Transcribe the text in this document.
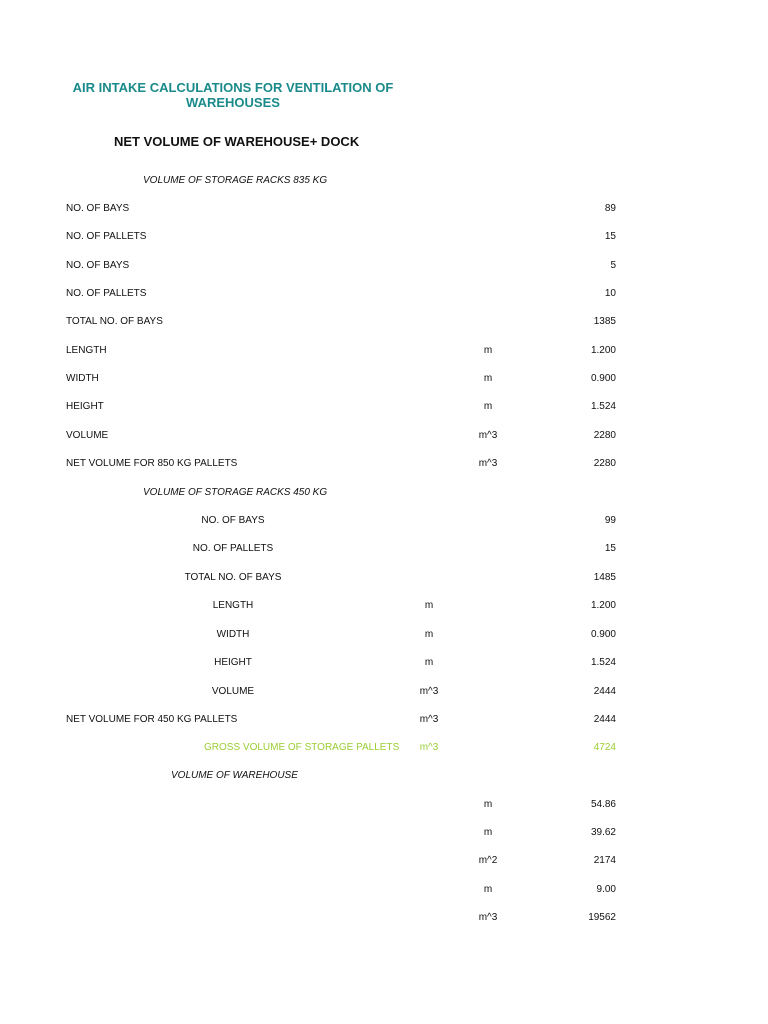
AIR INTAKE CALCULATIONS FOR VENTILATION OF
WAREHOUSES
NET VOLUME OF WAREHOUSE+ DOCK
VOLUME OF STORAGE RACKS 835 KG
NO. OF BAYS	89
NO. OF PALLETS	15
NO. OF BAYS	5
NO. OF PALLETS	10
TOTAL NO. OF BAYS	1385
LENGTH	m	1.200
WIDTH	m	0.900
HEIGHT	m	1.524
VOLUME	m^3	2280
NET VOLUME FOR 850 KG PALLETS	m^3	2280
VOLUME OF STORAGE RACKS 450 KG
NO. OF BAYS	99
NO. OF PALLETS	15
TOTAL NO. OF BAYS	1485
LENGTH	m	1.200
WIDTH	m	0.900
HEIGHT	m	1.524
VOLUME	m^3	2444
NET VOLUME FOR 450 KG PALLETS	m^3	2444
GROSS VOLUME OF STORAGE PALLETS	m^3	4724
VOLUME OF WAREHOUSE
m	54.86
m	39.62
m^2	2174
m	9.00
m^3	19562
